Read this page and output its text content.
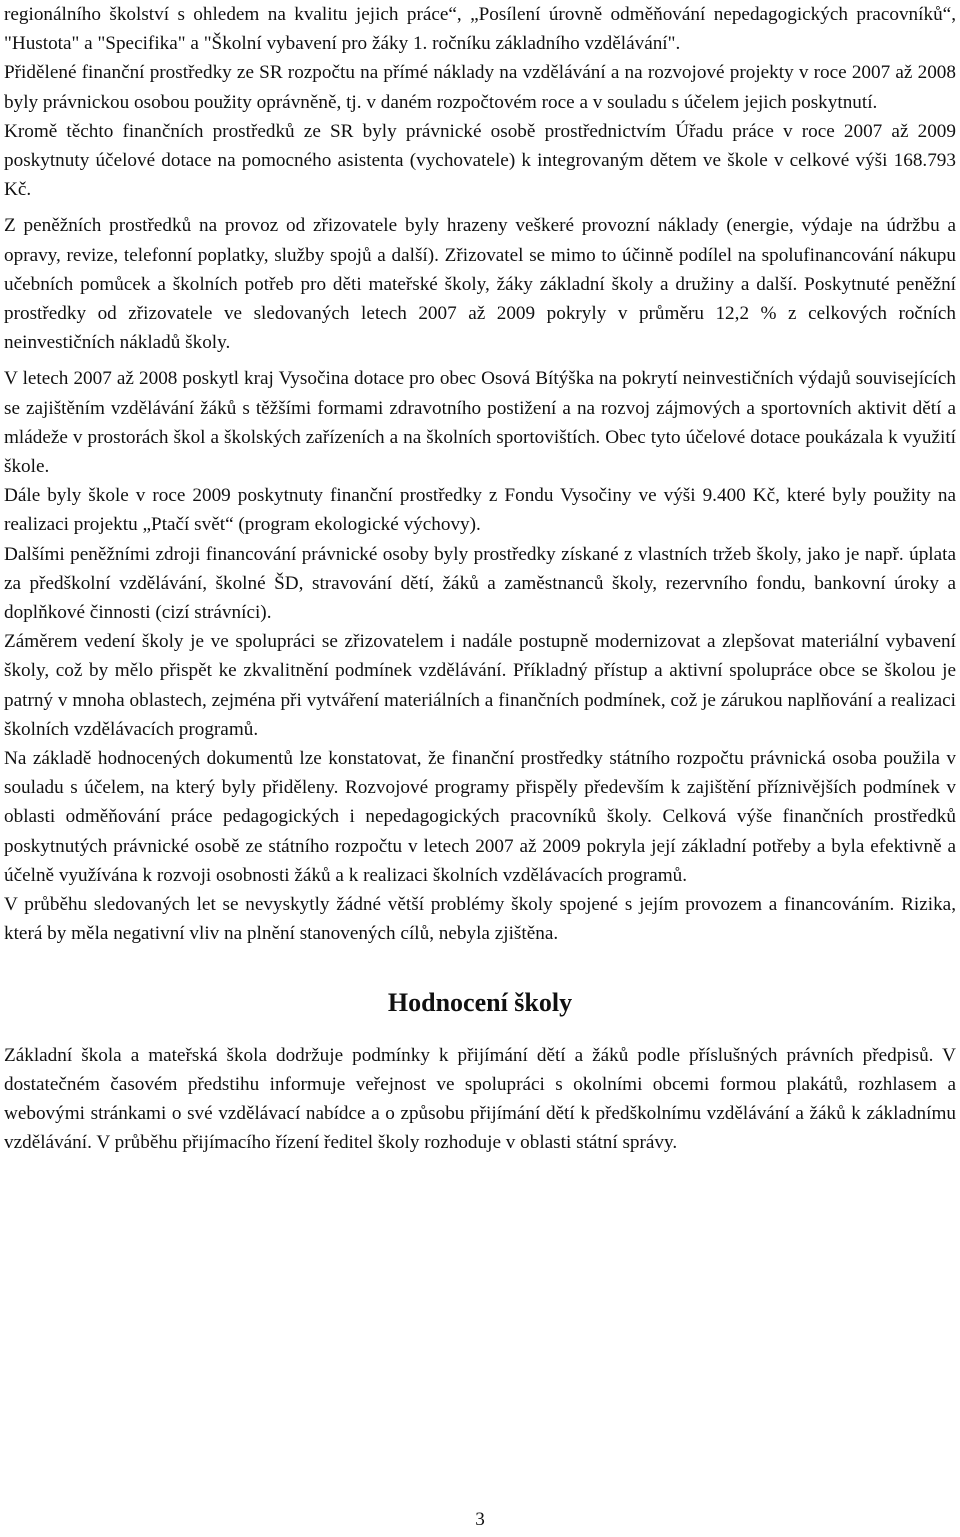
regionálního školství s ohledem na kvalitu jejich práce“, „Posílení úrovně odměňování nepedagogických pracovníků“, "Hustota" a "Specifika" a "Školní vybavení pro žáky 1. ročníku základního vzdělávání".

Přidělené finanční prostředky ze SR rozpočtu na přímé náklady na vzdělávání a na rozvojové projekty v roce 2007 až 2008 byly právnickou osobou použity oprávněně, tj. v daném rozpočtovém roce a v souladu s účelem jejich poskytnutí.

Kromě těchto finančních prostředků ze SR byly právnické osobě prostřednictvím Úřadu práce v roce 2007 až 2009 poskytnuty účelové dotace na pomocného asistenta (vychovatele) k integrovaným dětem ve škole v celkové výši 168.793 Kč.

Z peněžních prostředků na provoz od zřizovatele byly hrazeny veškeré provozní náklady (energie, výdaje na údržbu a opravy, revize, telefonní poplatky, služby spojů a další). Zřizovatel se mimo to účinně podílel na spolufinancování nákupu učebních pomůcek a školních potřeb pro děti mateřské školy, žáky základní školy a družiny a další. Poskytnuté peněžní prostředky od zřizovatele ve sledovaných letech 2007 až 2009 pokryly v průměru 12,2 % z celkových ročních neinvestičních nákladů školy.

V letech 2007 až 2008 poskytl kraj Vysočina dotace pro obec Osová Bítýška na pokrytí neinvestičních výdajů souvisejících se zajištěním vzdělávání žáků s těžšími formami zdravotního postižení a na rozvoj zájmových a sportovních aktivit dětí a mládeže v prostorách škol a školských zařízeních a na školních sportovištích. Obec tyto účelové dotace poukázala k využití škole.

Dále byly škole v roce 2009 poskytnuty finanční prostředky z Fondu Vysočiny ve výši 9.400 Kč, které byly použity na realizaci projektu „Ptačí svět“ (program ekologické výchovy).

Dalšími peněžními zdroji financování právnické osoby byly prostředky získané z vlastních tržeb školy, jako je např. úplata za předškolní vzdělávání, školné ŠD, stravování dětí, žáků a zaměstnanců školy, rezervního fondu, bankovní úroky a doplňkové činnosti (cizí strávníci).

Záměrem vedení školy je ve spolupráci se zřizovatelem i nadále postupně modernizovat a zlepšovat materiální vybavení školy, což by mělo přispět ke zkvalitnění podmínek vzdělávání. Příkladný přístup a aktivní spolupráce obce se školou je patrný v mnoha oblastech, zejména při vytváření materiálních a finančních podmínek, což je zárukou naplňování a realizaci školních vzdělávacích programů.

Na základě hodnocených dokumentů lze konstatovat, že finanční prostředky státního rozpočtu právnická osoba použila v souladu s účelem, na který byly přiděleny. Rozvojové programy přispěly především k zajištění příznivějších podmínek v oblasti odměňování práce pedagogických i nepedagogických pracovníků školy. Celková výše finančních prostředků poskytnutých právnické osobě ze státního rozpočtu v letech 2007 až 2009 pokryla její základní potřeby a byla efektivně a účelně využívána k rozvoji osobnosti žáků a k realizaci školních vzdělávacích programů.

V průběhu sledovaných let se nevyskytly žádné větší problémy školy spojené s jejím provozem a financováním. Rizika, která by měla negativní vliv na plnění stanovených cílů, nebyla zjištěna.

Hodnocení školy

Základní škola a mateřská škola dodržuje podmínky k přijímání dětí a žáků podle příslušných právních předpisů. V dostatečném časovém předstihu informuje veřejnost ve spolupráci s okolními obcemi formou plakátů, rozhlasem a webovými stránkami o své vzdělávací nabídce a o způsobu přijímání dětí k předškolnímu vzdělávání a žáků k základnímu vzdělávání. V průběhu přijímacího řízení ředitel školy rozhoduje v oblasti státní správy.

3
